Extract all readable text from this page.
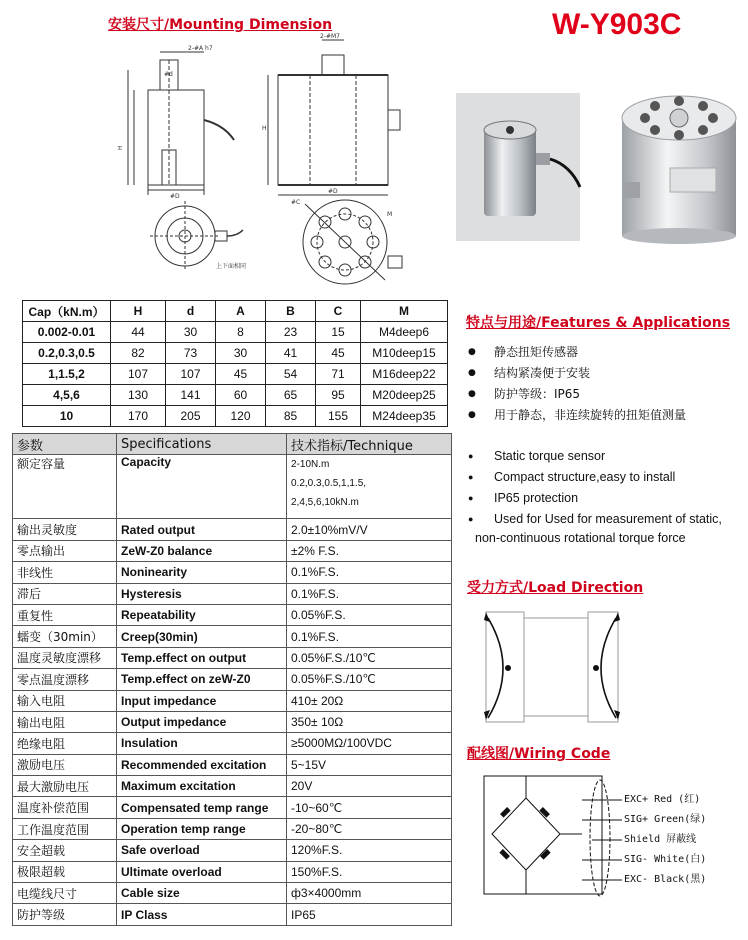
安装尺寸/Mounting Dimension	W-Y903C
2-#A h7
#d
H
#D
上下面相同
2-#M7
#D
H
#C
M
Cap（kN.m）	H	d	A	B	C	M
0.002-0.01	44	30	8	23	15	M4deep6
0.2,0.3,0.5	82	73	30	41	45	M10deep15
1,1.5,2	107	107	45	54	71	M16deep22
4,5,6	130	141	60	65	95	M20deep25
10	170	205	120	85	155	M24deep35
参数	Specifications	技术指标/Technique
额定容量	Capacity	2-10N.m
0.2,0.3,0.5,1,1.5,
2,4,5,6,10kN.m

输出灵敏度	Rated output	2.0±10%mV/V
零点输出	ZeW-Z0 balance	±2% F.S.
非线性	Noninearity	0.1%F.S.
滞后	Hysteresis	0.1%F.S.
重复性	Repeatability	0.05%F.S.
蠕变（30min）	Creep(30min)	0.1%F.S.
温度灵敏度漂移	Temp.effect on output	0.05%F.S./10℃
零点温度漂移	Temp.effect on zeW-Z0	0.05%F.S./10℃
输入电阻	Input impedance	410± 20Ω
输出电阻	Output impedance	350± 10Ω
绝缘电阻	Insulation	≥5000MΩ/100VDC
激励电压	Recommended excitation	5~15V
最大激励电压	Maximum excitation	20V
温度补偿范围	Compensated temp range	-10~60℃
工作温度范围	Operation temp range	-20~80℃
安全超载	Safe overload	120%F.S.
极限超载	Ultimate overload	150%F.S.
电缆线尺寸	Cable size	ф3×4000mm
防护等级	IP Class	IP65
特点与用途/Features & Applications
● 静态扭矩传感器
● 结构紧凑便于安装
● 防护等级：IP65
● 用于静态，非连续旋转的扭矩值测量
● Static torque sensor
● Compact structure,easy to install
● IP65 protection
● Used for Used for measurement of static,
non-continuous rotational torque force
受力方式/Load Direction
配线图/Wiring Code
EXC+ Red (红)
SIG+ Green(绿)
Shield 屏蔽线
SIG- White(白)
EXC- Black(黑)
